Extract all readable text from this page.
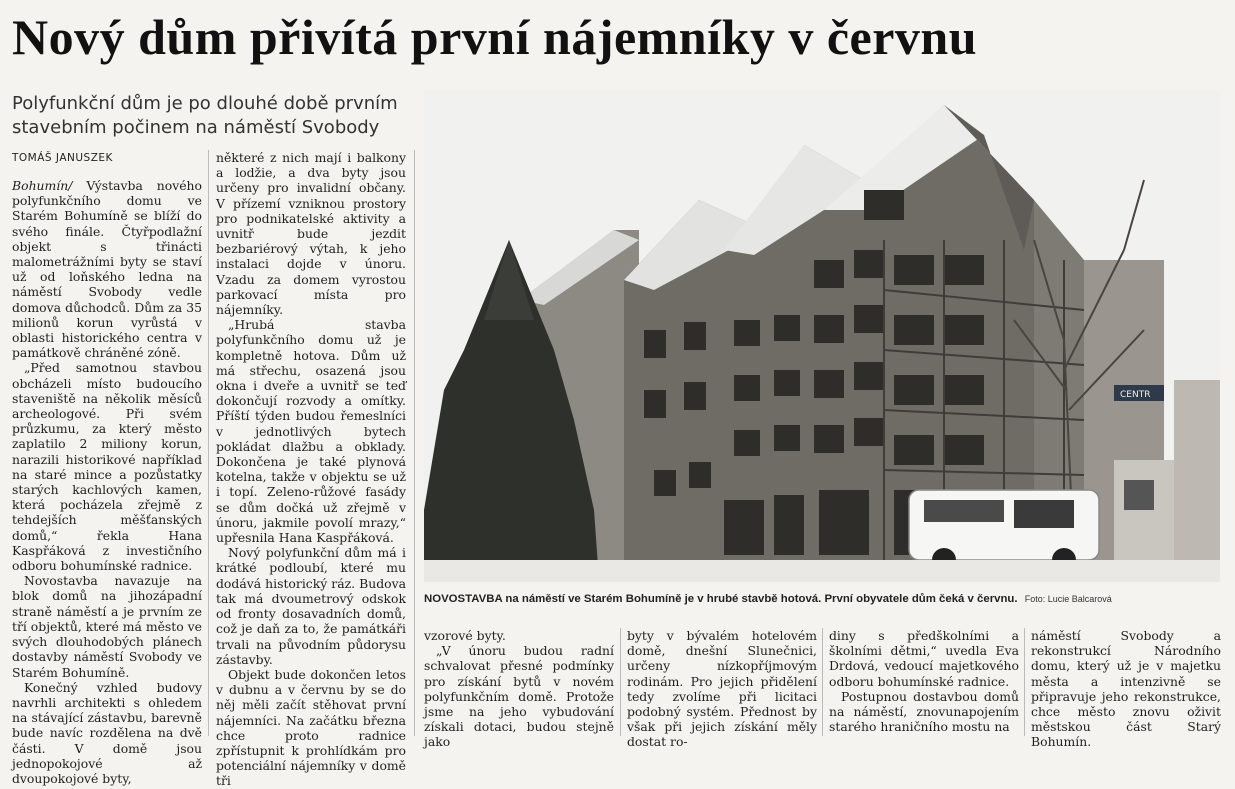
Nový dům přivítá první nájemníky v červnu
Polyfunkční dům je po dlouhé době prvním stavebním počinem na náměstí Svobody
TOMÁŠ JANUSZEK

Bohumín/ Výstavba nového polyfunkčního domu ve Starém Bohumíně se blíží do svého finále. Čtyřpodlažní objekt s třinácti malometrážními byty se staví už od loňského ledna na náměstí Svobody vedle domova důchodců. Dům za 35 milionů korun vyrůstá v oblasti historického centra v památkově chráněné zóně.

„Před samotnou stavbou obcházeli místo budoucího staveniště na několik měsíců archeologové. Při svém průzkumu, za který město zaplatilo 2 miliony korun, narazili historikové například na staré mince a pozůstatky starých kachlových kamen, která pocházela zřejmě z tehdejších měšťanských domů,“ řekla Hana Kaspřáková z investičního odboru bohumínské radnice.

Novostavba navazuje na blok domů na jihozápadní straně náměstí a je prvním ze tří objektů, které má město ve svých dlouhodobých plánech dostavby náměstí Svobody ve Starém Bohumíně.

Konečný vzhled budovy navrhli architekti s ohledem na stávající zástavbu, barevně bude navíc rozdělena na dvě části. V domě jsou jednopokojové až dvoupokojové byty,

některé z nich mají i balkony a lodžie, a dva byty jsou určeny pro invalidní občany. V přízemí vzniknou prostory pro podnikatelské aktivity a uvnitř bude jezdit bezbariérový výtah, k jeho instalaci dojde v únoru. Vzadu za domem vyrostou parkovací místa pro nájemníky.

„Hrubá stavba polyfunkčního domu už je kompletně hotova. Dům už má střechu, osazená jsou okna i dveře a uvnitř se teď dokončují rozvody a omítky. Příští týden budou řemeslníci v jednotlivých bytech pokládat dlažbu a obklady. Dokončena je také plynová kotelna, takže v objektu se už i topí. Zeleno-růžové fasády se dům dočká už zřejmě v únoru, jakmile povolí mrazy,“ upřesnila Hana Kaspřáková.

Nový polyfunkční dům má i krátké podloubí, které mu dodává historický ráz. Budova tak má dvoumetrový odskok od fronty dosavadních domů, což je daň za to, že památkáři trvali na původním půdorysu zástavby.

Objekt bude dokončen letos v dubnu a v červnu by se do něj měli začít stěhovat první nájemníci. Na začátku března chce proto radnice zpřístupnit k prohlídkám pro potenciální nájemníky v domě tři

CENTR
NOVOSTAVBA na náměstí ve Starém Bohumíně je v hrubé stavbě hotová. První obyvatele dům čeká v červnu. Foto: Lucie Balcarová

vzorové byty.

„V únoru budou radní schvalovat přesné podmínky pro získání bytů v novém polyfunkčním domě. Protože jsme na jeho vybudování získali dotaci, budou stejně jako

byty v bývalém hotelovém domě, dnešní Slunečnici, určeny nízkopříjmovým rodinám. Pro jejich přidělení tedy zvolíme při licitaci podobný systém. Přednost by však při jejich získání měly dostat ro-

diny s předškolními a školními dětmi,“ uvedla Eva Drdová, vedoucí majetkového odboru bohumínské radnice.

Postupnou dostavbou domů na náměstí, znovunapojením starého hraničního mostu na

náměstí Svobody a rekonstrukcí Národního domu, který už je v majetku města a intenzivně se připravuje jeho rekonstrukce, chce město znovu oživit městskou část Starý Bohumín.
